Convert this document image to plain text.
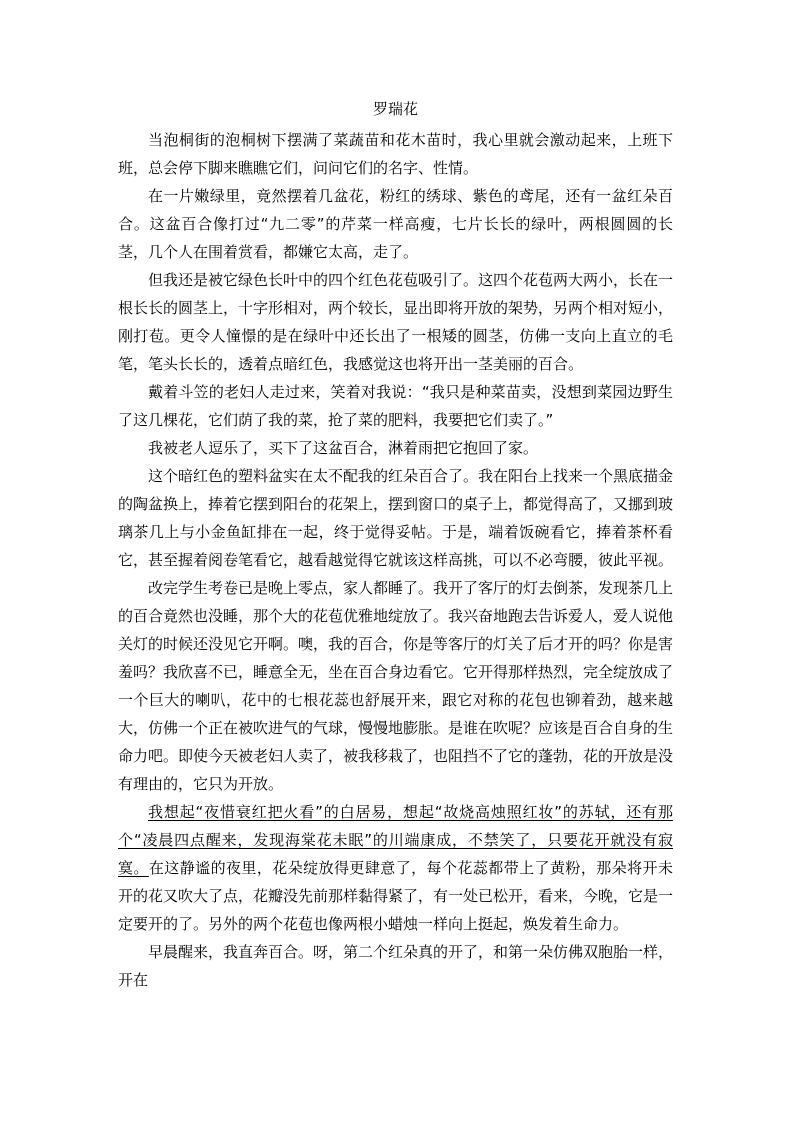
罗瑞花

当泡桐街的泡桐树下摆满了菜蔬苗和花木苗时，我心里就会激动起来，上班下班，总会停下脚来瞧瞧它们，问问它们的名字、性情。

在一片嫩绿里，竟然摆着几盆花，粉红的绣球、紫色的鸢尾，还有一盆红朵百合。这盆百合像打过“九二零”的芹菜一样高瘦，七片长长的绿叶，两根圆圆的长茎，几个人在围着赏看，都嫌它太高，走了。

但我还是被它绿色长叶中的四个红色花苞吸引了。这四个花苞两大两小，长在一根长长的圆茎上，十字形相对，两个较长，显出即将开放的架势，另两个相对短小，刚打苞。更令人憧憬的是在绿叶中还长出了一根矮的圆茎，仿佛一支向上直立的毛笔，笔头长长的，透着点暗红色，我感觉这也将开出一茎美丽的百合。

戴着斗笠的老妇人走过来，笑着对我说：“我只是种菜苗卖，没想到菜园边野生了这几棵花，它们荫了我的菜，抢了菜的肥料，我要把它们卖了。”

我被老人逗乐了，买下了这盆百合，淋着雨把它抱回了家。

这个暗红色的塑料盆实在太不配我的红朵百合了。我在阳台上找来一个黑底描金的陶盆换上，捧着它摆到阳台的花架上，摆到窗口的桌子上，都觉得高了，又挪到玻璃茶几上与小金鱼缸排在一起，终于觉得妥帖。于是，端着饭碗看它，捧着茶杯看它，甚至握着阅卷笔看它，越看越觉得它就该这样高挑，可以不必弯腰，彼此平视。

改完学生考卷已是晚上零点，家人都睡了。我开了客厅的灯去倒茶，发现茶几上的百合竟然也没睡，那个大的花苞优雅地绽放了。我兴奋地跑去告诉爱人，爱人说他关灯的时候还没见它开啊。噢，我的百合，你是等客厅的灯关了后才开的吗？你是害羞吗？我欣喜不已，睡意全无，坐在百合身边看它。它开得那样热烈，完全绽放成了一个巨大的喇叭，花中的七根花蕊也舒展开来，跟它对称的花包也铆着劲，越来越大，仿佛一个正在被吹进气的气球，慢慢地膨胀。是谁在吹呢？应该是百合自身的生命力吧。即使今天被老妇人卖了，被我移栽了，也阻挡不了它的蓬勃，花的开放是没有理由的，它只为开放。

我想起“夜惜衰红把火看”的白居易，想起“故烧高烛照红妆”的苏轼，还有那个“凌晨四点醒来，发现海棠花未眠”的川端康成，不禁笑了，只要花开就没有寂寞。在这静谧的夜里，花朵绽放得更肆意了，每个花蕊都带上了黄粉，那朵将开未开的花又吹大了点，花瓣没先前那样黏得紧了，有一处已松开，看来，今晚，它是一定要开的了。另外的两个花苞也像两根小蜡烛一样向上挺起，焕发着生命力。

早晨醒来，我直奔百合。呀，第二个红朵真的开了，和第一朵仿佛双胞胎一样，开在
